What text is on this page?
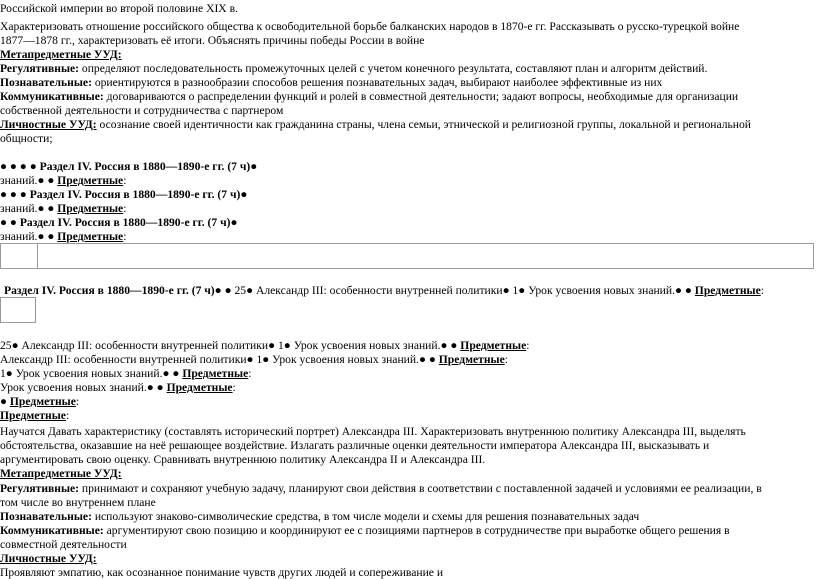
Российской империи во второй половине XIX в.
Характеризовать отношение российского общества к освободительной борьбе балканских народов в 1870-е гг. Рассказывать о русско-турецкой войне
1877—1878 гг., характеризовать её итоги. Объяснять причины победы России в войне
Метапредметные УУД:
Регулятивные: определяют последовательность промежуточных целей с учетом конечного результата, составляют план и алгоритм действий.
Познавательные: ориентируются в разнообразии способов решения познавательных задач, выбирают наиболее эффективные из них
Коммуникативные: договариваются о распределении функций и ролей в совместной деятельности; задают вопросы, необходимые для организации
собственной деятельности и сотрудничества с партнером
Личностные УУД: осознание своей идентичности как гражданина страны, члена семьи, этнической и религиозной группы, локальной и региональной
общности;
● ● ● ● Раздел IV. Россия в 1880—1890-е гг. (7 ч)●
знаний.● ● Предметные:
● ● ● Раздел IV. Россия в 1880—1890-е гг. (7 ч)●
знаний.● ● Предметные:
● ● Раздел IV. Россия в 1880—1890-е гг. (7 ч)●
знаний.● ● Предметные:
Раздел IV. Россия в 1880—1890-е гг. (7 ч)● ● 25● Александр III: особенности внутренней политики● 1● Урок усвоения новых знаний.● ● Предметные:
25● Александр III: особенности внутренней политики● 1● Урок усвоения новых знаний.● ● Предметные:
Александр III: особенности внутренней политики● 1● Урок усвоения новых знаний.● ● Предметные:
1● Урок усвоения новых знаний.● ● Предметные:
Урок усвоения новых знаний.● ● Предметные:
● Предметные:
Предметные:
Научатся Давать характеристику (составлять исторический портрет) Александра III. Характеризовать внутреннюю политику Александра III, выделять
обстоятельства, оказавшие на неё решающее воздействие. Излагать различные оценки деятельности императора Александра III, высказывать и
аргументировать свою оценку. Сравнивать внутреннюю политику Александра II и Александра III.
Метапредметные УУД:
Регулятивные: принимают и сохраняют учебную задачу, планируют свои действия в соответствии с поставленной задачей и условиями ее реализации, в
том числе во внутреннем плане
Познавательные: используют знаково-символические средства, в том числе модели и схемы для решения познавательных задач
Коммуникативные: аргументируют свою позицию и координируют ее с позициями партнеров в сотрудничестве при выработке общего решения в
совместной деятельности
Личностные УУД:
Проявляют эмпатию, как осознанное понимание чувств других людей и сопереживание и
